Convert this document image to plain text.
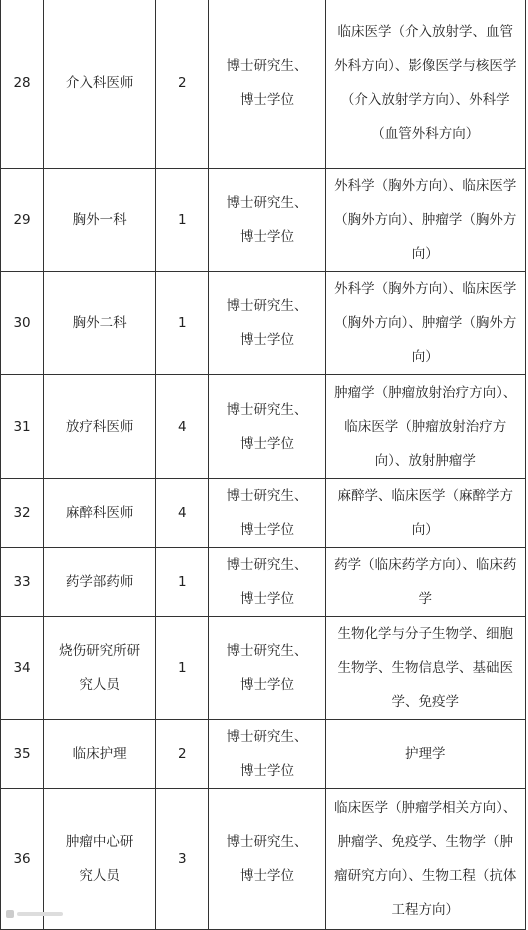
28	介入科医师	2	博士研究生、博士学位	临床医学（介入放射学、血管外科方向）、影像医学与核医学（介入放射学方向）、外科学（血管外科方向）
29	胸外一科	1	博士研究生、博士学位	外科学（胸外方向）、临床医学（胸外方向）、肿瘤学（胸外方向）
30	胸外二科	1	博士研究生、博士学位	外科学（胸外方向）、临床医学（胸外方向）、肿瘤学（胸外方向）
31	放疗科医师	4	博士研究生、博士学位	肿瘤学（肿瘤放射治疗方向）、临床医学（肿瘤放射治疗方向）、放射肿瘤学
32	麻醉科医师	4	博士研究生、博士学位	麻醉学、临床医学（麻醉学方向）
33	药学部药师	1	博士研究生、博士学位	药学（临床药学方向）、临床药学
34	烧伤研究所研究人员	1	博士研究生、博士学位	生物化学与分子生物学、细胞生物学、生物信息学、基础医学、免疫学
35	临床护理	2	博士研究生、博士学位	护理学
36	肿瘤中心研究人员	3	博士研究生、博士学位	临床医学（肿瘤学相关方向）、肿瘤学、免疫学、生物学（肿瘤研究方向）、生物工程（抗体工程方向）
